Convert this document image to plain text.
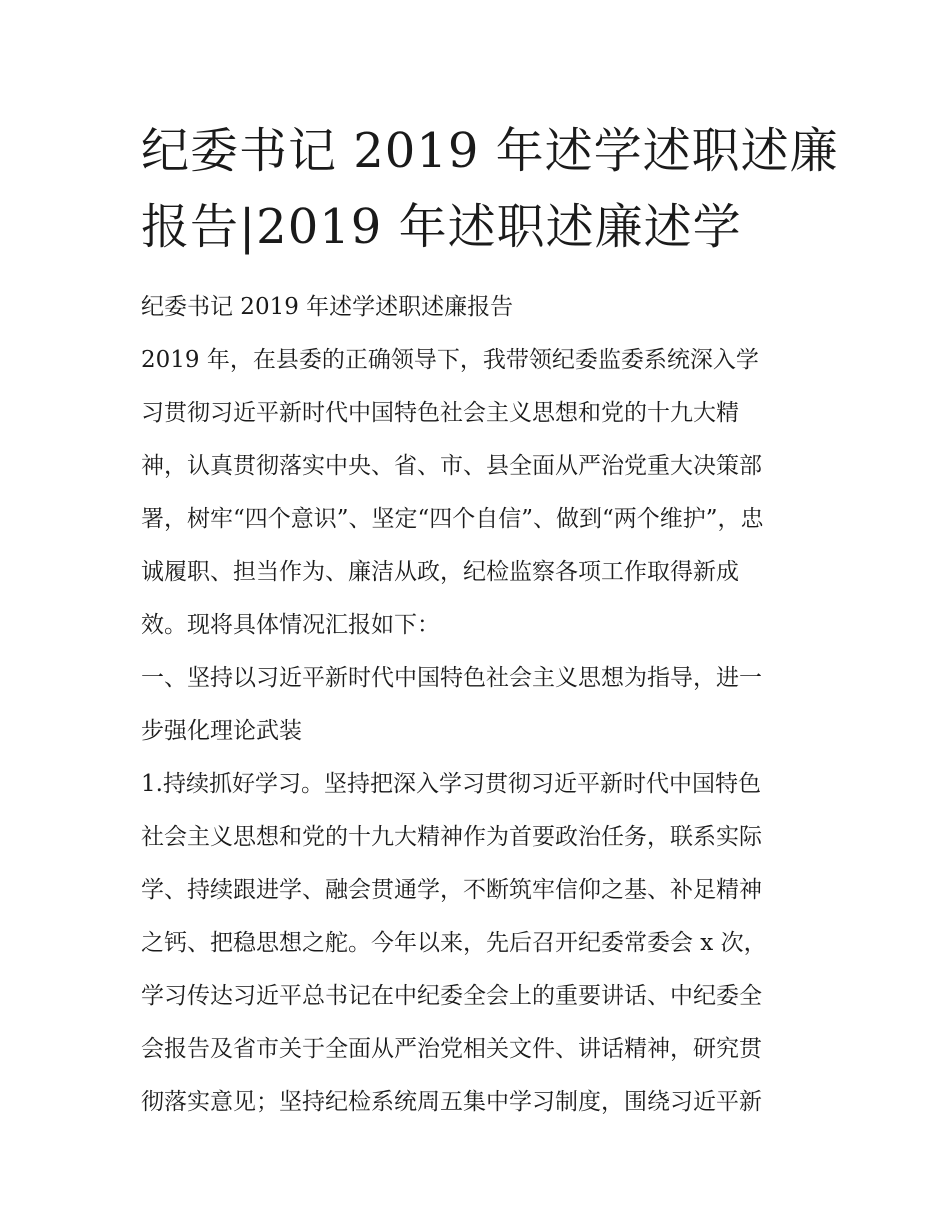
纪委书记 2019 年述学述职述廉
报告|2019 年述职述廉述学
纪委书记 2019 年述学述职述廉报告
2019 年，在县委的正确领导下，我带领纪委监委系统深入学
习贯彻习近平新时代中国特色社会主义思想和党的十九大精
神，认真贯彻落实中央、省、市、县全面从严治党重大决策部
署，树牢“四个意识”、坚定“四个自信”、做到“两个维护”，忠
诚履职、担当作为、廉洁从政，纪检监察各项工作取得新成
效。现将具体情况汇报如下：
一、坚持以习近平新时代中国特色社会主义思想为指导，进一
步强化理论武装
1.持续抓好学习。坚持把深入学习贯彻习近平新时代中国特色
社会主义思想和党的十九大精神作为首要政治任务，联系实际
学、持续跟进学、融会贯通学，不断筑牢信仰之基、补足精神
之钙、把稳思想之舵。今年以来，先后召开纪委常委会 x 次，
学习传达习近平总书记在中纪委全会上的重要讲话、中纪委全
会报告及省市关于全面从严治党相关文件、讲话精神，研究贯
彻落实意见；坚持纪检系统周五集中学习制度，围绕习近平新
